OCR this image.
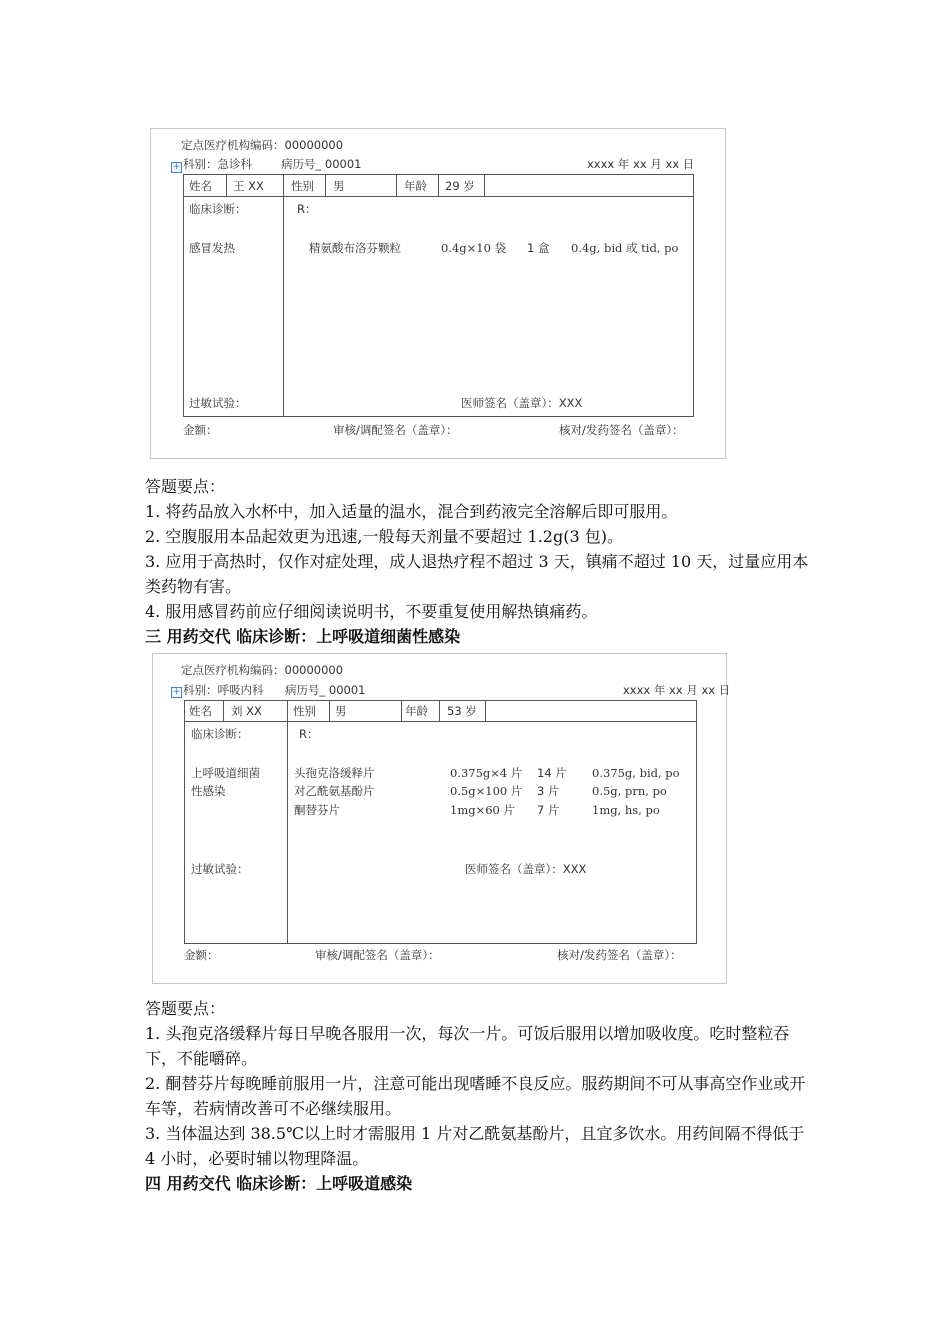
定点医疗机构编码：00000000
+ 科别：急诊科	病历号_ 00001	xxxx 年 xx 月 xx 日
姓名 王 XX 性别 男	年龄 29 岁
临床诊断：
感冒发热
R：
精氨酸布洛芬颗粒	0.4g×10 袋 1 盒 0.4g, bid 或 tid, po
过敏试验：	医师签名（盖章）：XXX
金额：	审核/调配签名（盖章）：	核对/发药签名（盖章）：

答题要点：

1. 将药品放入水杯中，加入适量的温水，混合到药液完全溶解后即可服用。

2. 空腹服用本品起效更为迅速,一般每天剂量不要超过 1.2g(3 包)。

3. 应用于高热时，仅作对症处理，成人退热疗程不超过 3 天，镇痛不超过 10 天，过量应用本类药物有害。

4. 服用感冒药前应仔细阅读说明书，不要重复使用解热镇痛药。

三 用药交代 临床诊断：上呼吸道细菌性感染

定点医疗机构编码：00000000
+ 科别：呼吸内科 病历号_ 00001	xxxx 年 xx 月 xx 日
姓名 刘 XX	性别 男	年龄 53 岁
临床诊断：
上呼吸道细菌
性感染
R：
头孢克洛缓释片	0.375g×4 片 14 片 0.375g, bid, po
对乙酰氨基酚片	0.5g×100 片 3 片	0.5g, prn, po
酮替芬片	1mg×60 片 7 片	1mg, hs, po
过敏试验：	医师签名（盖章）：XXX
金额：	审核/调配签名（盖章）：	核对/发药签名（盖章）：

答题要点：

1. 头孢克洛缓释片每日早晚各服用一次，每次一片。可饭后服用以增加吸收度。吃时整粒吞下，不能嚼碎。

2. 酮替芬片每晚睡前服用一片，注意可能出现嗜睡不良反应。服药期间不可从事高空作业或开车等，若病情改善可不必继续服用。

3. 当体温达到 38.5℃以上时才需服用 1 片对乙酰氨基酚片，且宜多饮水。用药间隔不得低于 4 小时，必要时辅以物理降温。

四 用药交代 临床诊断：上呼吸道感染
